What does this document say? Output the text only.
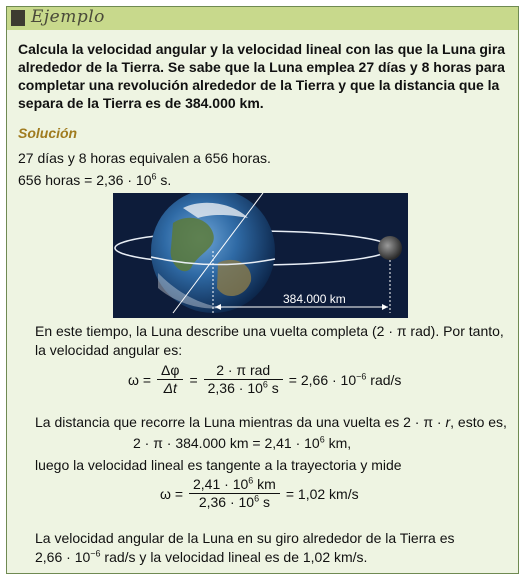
Ejemplo
Calcula la velocidad angular y la velocidad lineal con las que la Luna gira alrededor de la Tierra. Se sabe que la Luna emplea 27 días y 8 horas para completar una revolución alrededor de la Tierra y que la distancia que la separa de la Tierra es de 384.000 km.
Solución
27 días y 8 horas equivalen a 656 horas.
656 horas = $2,36 \cdot 10^6$ s.
384.000 km
En este tiempo, la Luna describe una vuelta completa (2 · π rad). Por tanto,
la velocidad angular es:
$\omega = \frac{\Delta\varphi}{\Delta t} = \frac{\text{2 · π rad}}{2,36 \cdot 10^6 s} = 2,66 \cdot 10^{-6}$ rad/s
La distancia que recorre la Luna mientras da una vuelta es 2 · π · r, esto es,
2 · π · 384.000 km = $2,41 \cdot 10^6$ km,
luego la velocidad lineal es tangente a la trayectoria y mide
$\omega = \frac{2,41 \cdot 10^6 km}{2,36 \cdot 10^6 s} = 1,02$ km/s
La velocidad angular de la Luna en su giro alrededor de la Tierra es
$2,66 \cdot 10^{-6}$ rad/s y la velocidad lineal es de 1,02 km/s.
